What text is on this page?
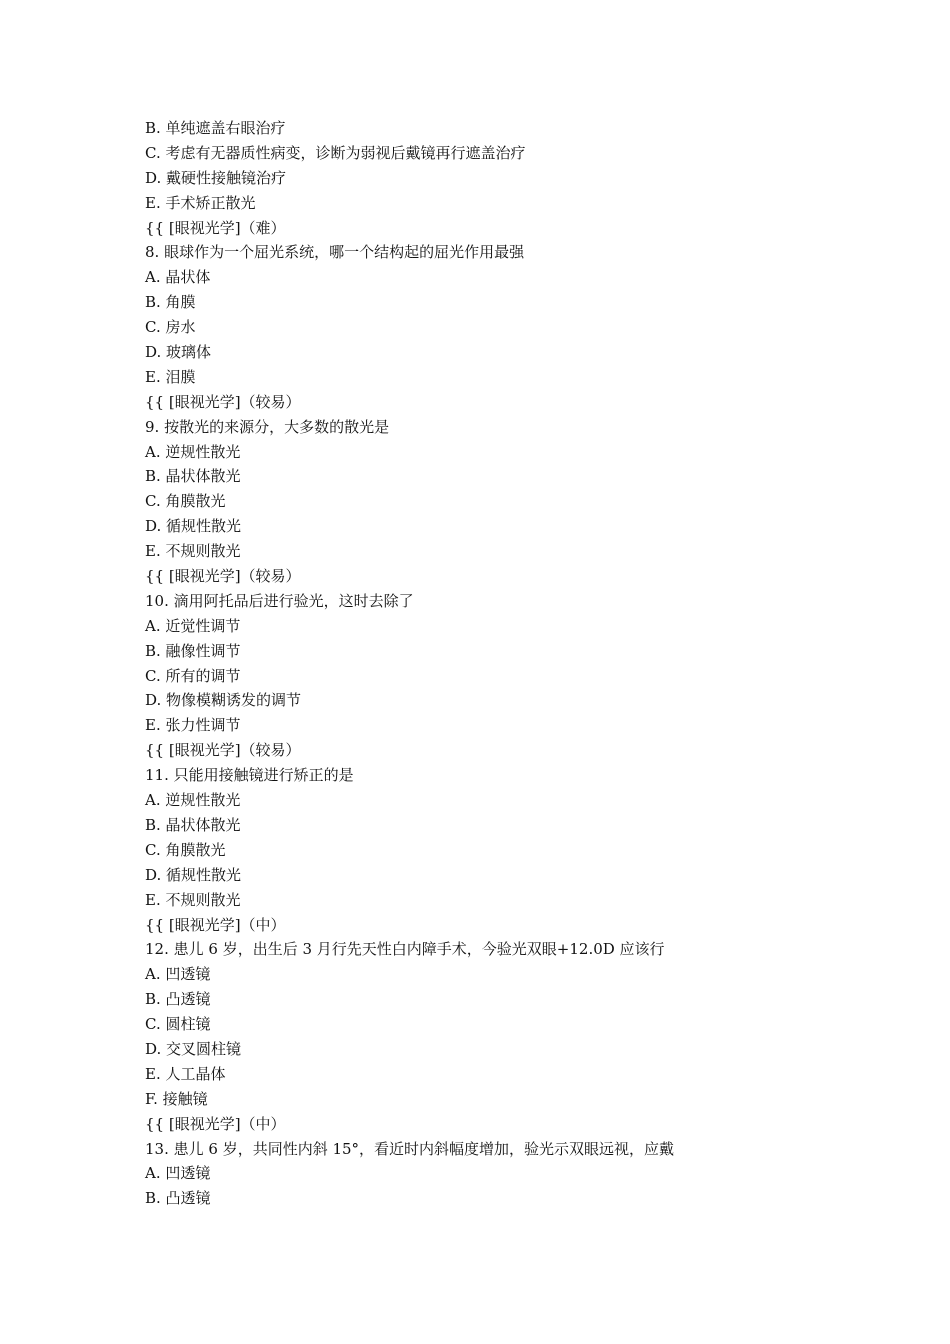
B. 单纯遮盖右眼治疗
C. 考虑有无器质性病变，诊断为弱视后戴镜再行遮盖治疗
D. 戴硬性接触镜治疗
E. 手术矫正散光
{{ [眼视光学]（难）
8. 眼球作为一个屈光系统，哪一个结构起的屈光作用最强
A. 晶状体
B. 角膜
C. 房水
D. 玻璃体
E. 泪膜
{{ [眼视光学]（较易）
9. 按散光的来源分，大多数的散光是
A. 逆规性散光
B. 晶状体散光
C. 角膜散光
D. 循规性散光
E. 不规则散光
{{ [眼视光学]（较易）
10. 滴用阿托品后进行验光，这时去除了
A. 近觉性调节
B. 融像性调节
C. 所有的调节
D. 物像模糊诱发的调节
E. 张力性调节
{{ [眼视光学]（较易）
11. 只能用接触镜进行矫正的是
A. 逆规性散光
B. 晶状体散光
C. 角膜散光
D. 循规性散光
E. 不规则散光
{{ [眼视光学]（中）
12. 患儿 6 岁，出生后 3 月行先天性白内障手术，今验光双眼+12.0D 应该行
A. 凹透镜
B. 凸透镜
C. 圆柱镜
D. 交叉圆柱镜
E. 人工晶体
F. 接触镜
{{ [眼视光学]（中）
13. 患儿 6 岁，共同性内斜 15°，看近时内斜幅度增加，验光示双眼远视，应戴
A. 凹透镜
B. 凸透镜
